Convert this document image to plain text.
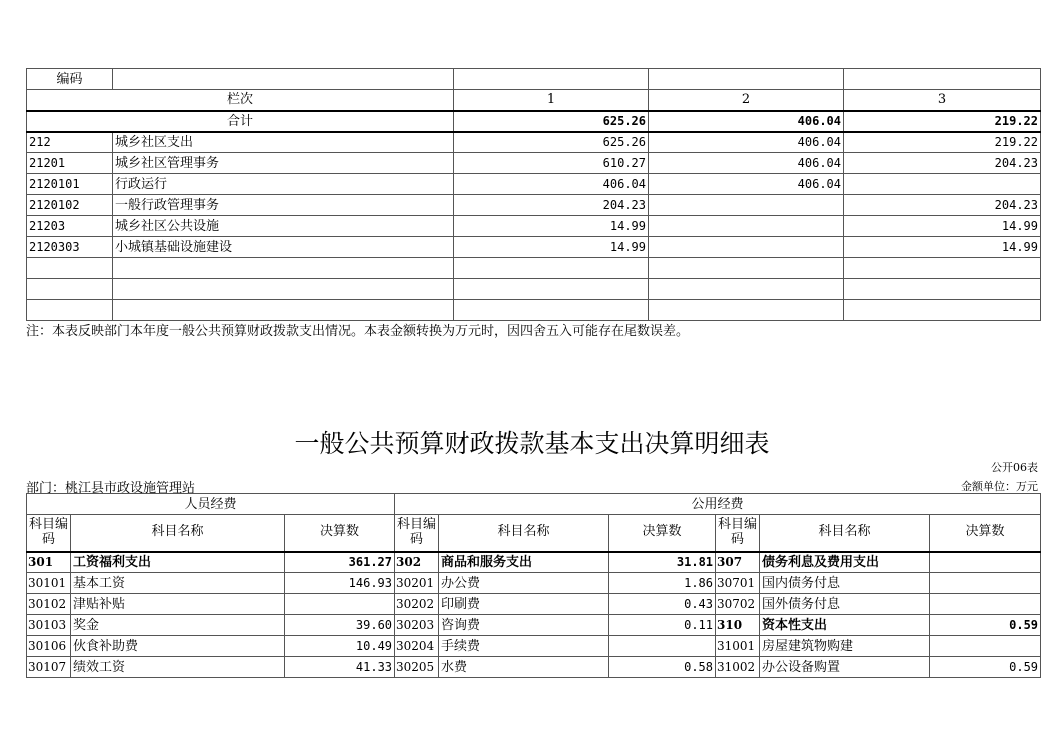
编码				
栏次		1	2	3
合计		625.26	406.04	219.22
212	城乡社区支出	625.26	406.04	219.22
21201	城乡社区管理事务	610.27	406.04	204.23
2120101	行政运行	406.04	406.04	
2120102	一般行政管理事务	204.23		204.23
21203	城乡社区公共设施	14.99		14.99
2120303	小城镇基础设施建设	14.99		14.99

注：本表反映部门本年度一般公共预算财政拨款支出情况。本表金额转换为万元时，因四舍五入可能存在尾数误差。
一般公共预算财政拨款基本支出决算明细表
公开06表
部门：桃江县市政设施管理站	金额单位：万元
人员经费			公用经费					
科目编码	科目名称	决算数	科目编码	科目名称	决算数	科目编码	科目名称	决算数
301	工资福利支出	361.27	302	商品和服务支出	31.81	307	债务利息及费用支出	
30101	基本工资	146.93	30201	办公费	1.86	30701	国内债务付息	
30102	津贴补贴		30202	印刷费	0.43	30702	国外债务付息	
30103	奖金	39.60	30203	咨询费	0.11	310	资本性支出	0.59
30106	伙食补助费	10.49	30204	手续费		31001	房屋建筑物购建	
30107	绩效工资	41.33	30205	水费	0.58	31002	办公设备购置	0.59
